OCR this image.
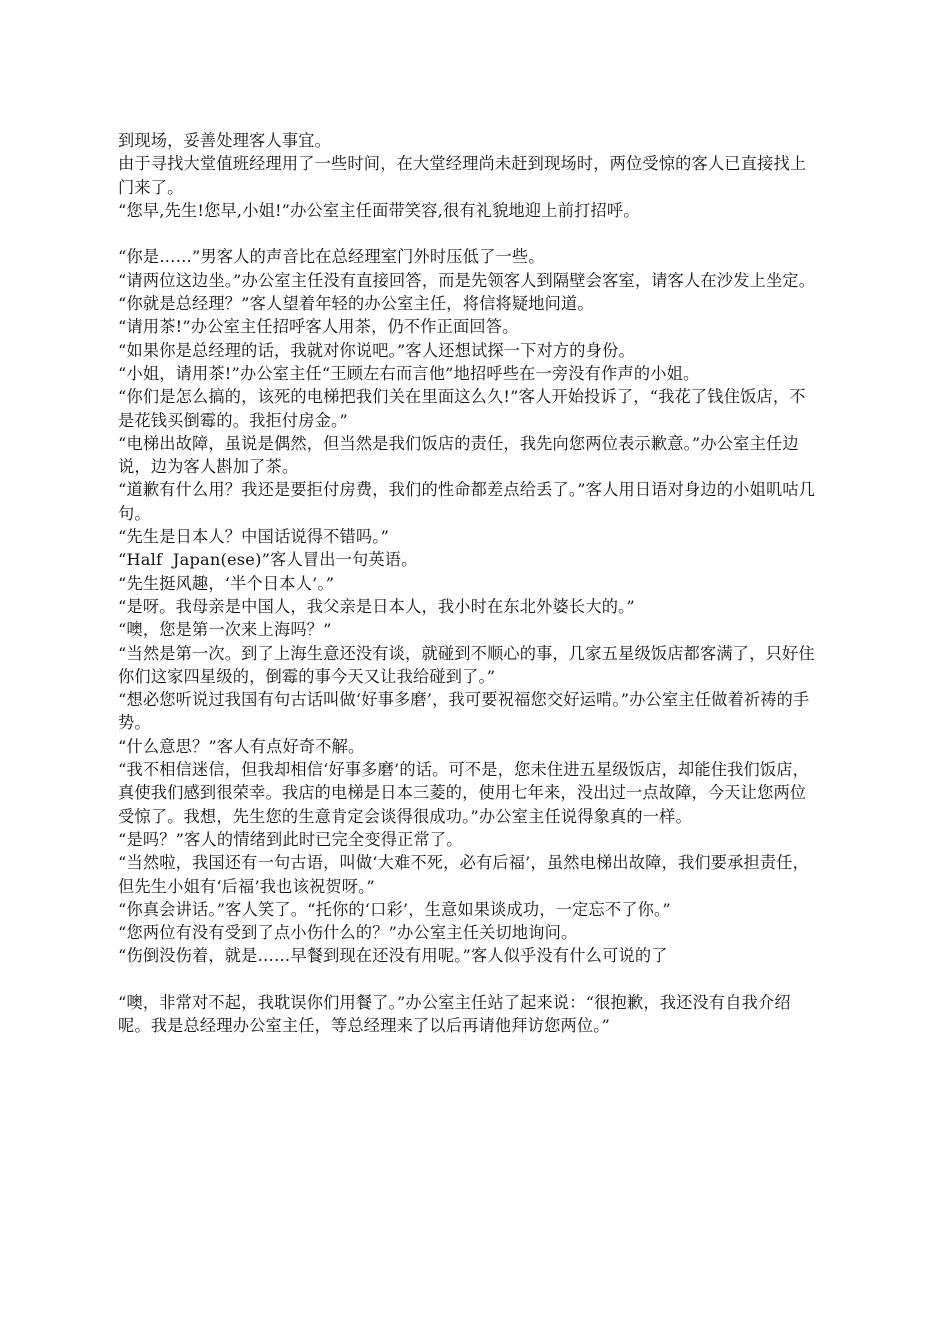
到现场，妥善处理客人事宜。

由于寻找大堂值班经理用了一些时间，在大堂经理尚未赶到现场时，两位受惊的客人已直接找上门来了。

“您早,先生!您早,小姐!”办公室主任面带笑容,很有礼貌地迎上前打招呼。

“你是……”男客人的声音比在总经理室门外时压低了一些。

“请两位这边坐。”办公室主任没有直接回答，而是先领客人到隔壁会客室，请客人在沙发上坐定。

“你就是总经理？”客人望着年轻的办公室主任，将信将疑地问道。

“请用茶!”办公室主任招呼客人用茶，仍不作正面回答。

“如果你是总经理的话，我就对你说吧。”客人还想试探一下对方的身份。

“小姐，请用茶!”办公室主任“王顾左右而言他”地招呼些在一旁没有作声的小姐。

“你们是怎么搞的，该死的电梯把我们关在里面这么久!”客人开始投诉了，“我花了钱住饭店，不是花钱买倒霉的。我拒付房金。”

“电梯出故障，虽说是偶然，但当然是我们饭店的责任，我先向您两位表示歉意。”办公室主任边说，边为客人斟加了茶。

“道歉有什么用？我还是要拒付房费，我们的性命都差点给丢了。”客人用日语对身边的小姐叽咕几句。

“先生是日本人？中国话说得不错吗。”

“Half  Japan(ese)”客人冒出一句英语。

“先生挺风趣，‘半个日本人’。”

“是呀。我母亲是中国人，我父亲是日本人，我小时在东北外婆长大的。”

“噢，您是第一次来上海吗？”

“当然是第一次。到了上海生意还没有谈，就碰到不顺心的事，几家五星级饭店都客满了，只好住你们这家四星级的，倒霉的事今天又让我给碰到了。”

“想必您听说过我国有句古话叫做‘好事多磨’，我可要祝福您交好运啃。”办公室主任做着祈祷的手势。

“什么意思？”客人有点好奇不解。

“我不相信迷信，但我却相信‘好事多磨’的话。可不是，您未住进五星级饭店，却能住我们饭店，真使我们感到很荣幸。我店的电梯是日本三菱的，使用七年来，没出过一点故障，今天让您两位受惊了。我想，先生您的生意肯定会谈得很成功。”办公室主任说得象真的一样。

“是吗？”客人的情绪到此时已完全变得正常了。

“当然啦，我国还有一句古语，叫做‘大难不死，必有后福’，虽然电梯出故障，我们要承担责任，但先生小姐有‘后福’我也该祝贺呀。”

“你真会讲话。”客人笑了。“托你的‘口彩’，生意如果谈成功，一定忘不了你。”

“您两位有没有受到了点小伤什么的？”办公室主任关切地询问。

“伤倒没伤着，就是……早餐到现在还没有用呢。”客人似乎没有什么可说的了

“噢，非常对不起，我耽误你们用餐了。”办公室主任站了起来说：“很抱歉，我还没有自我介绍呢。我是总经理办公室主任，等总经理来了以后再请他拜访您两位。”
